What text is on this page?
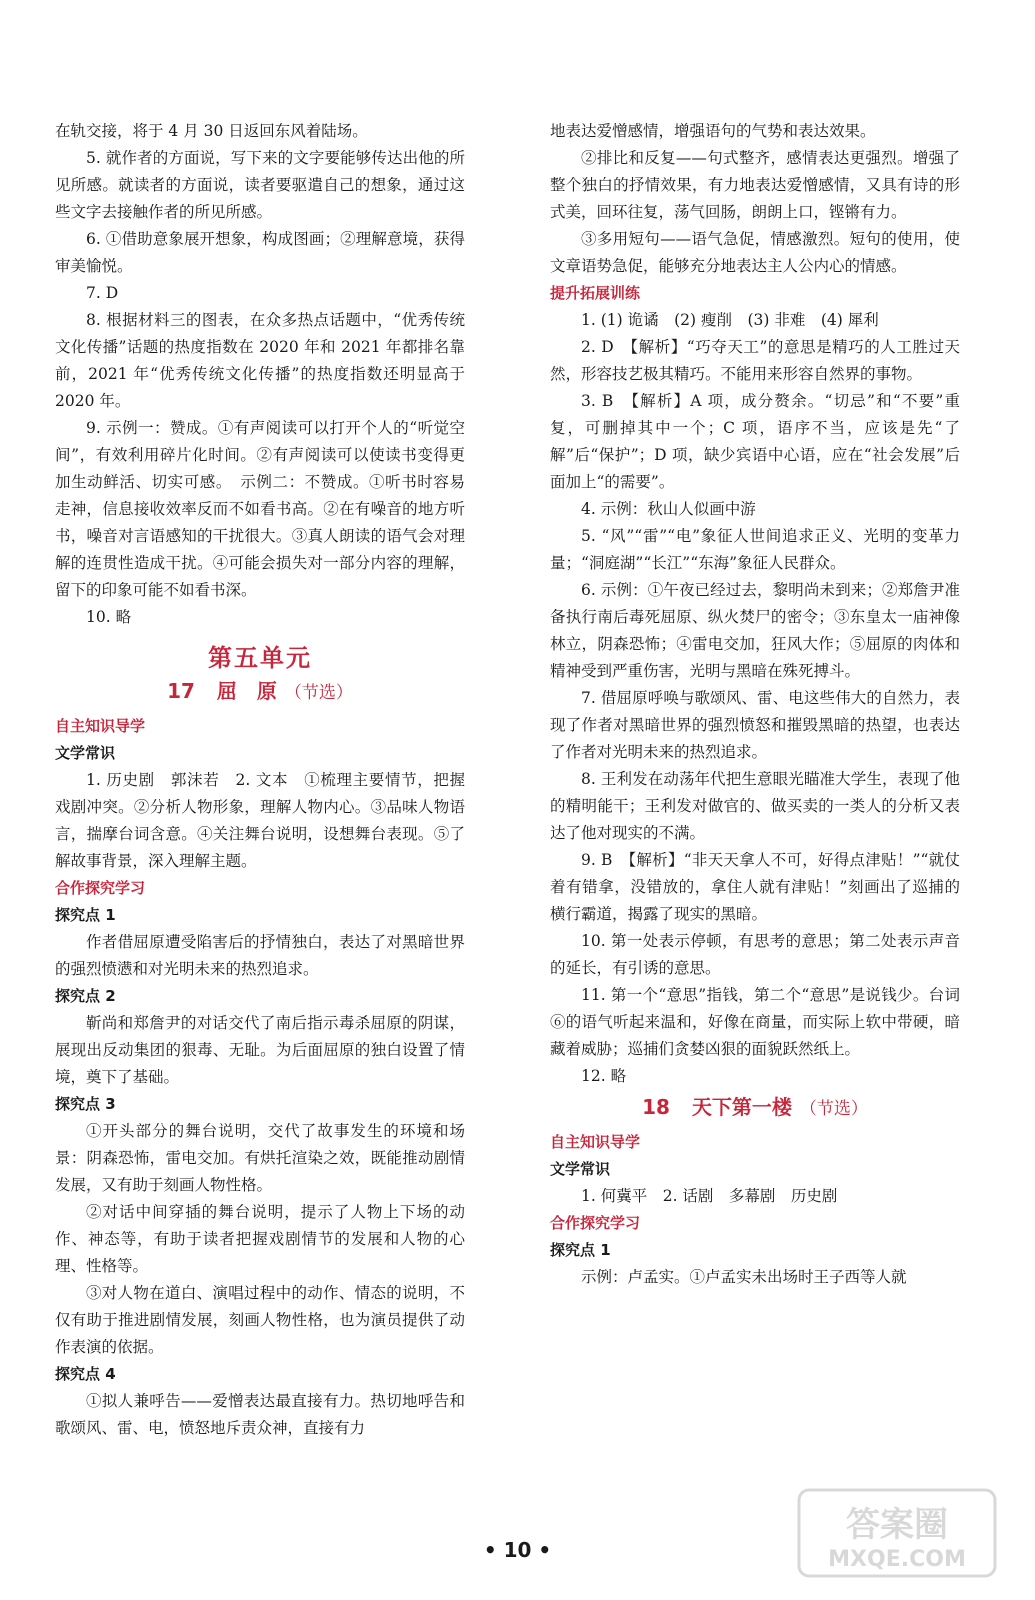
在轨交接，将于 4 月 30 日返回东风着陆场。

5. 就作者的方面说，写下来的文字要能够传达出他的所见所感。就读者的方面说，读者要驱遣自己的想象，通过这些文字去接触作者的所见所感。

6. ①借助意象展开想象，构成图画；②理解意境，获得审美愉悦。

7. D

8. 根据材料三的图表，在众多热点话题中，“优秀传统文化传播”话题的热度指数在 2020 年和 2021 年都排名靠前，2021 年“优秀传统文化传播”的热度指数还明显高于 2020 年。

9. 示例一：赞成。①有声阅读可以打开个人的“听觉空间”，有效利用碎片化时间。②有声阅读可以使读书变得更加生动鲜活、切实可感。　示例二：不赞成。①听书时容易走神，信息接收效率反而不如看书高。②在有噪音的地方听书，噪音对言语感知的干扰很大。③真人朗读的语气会对理解的连贯性造成干扰。④可能会损失对一部分内容的理解，留下的印象可能不如看书深。

10. 略

第五单元
17 屈　原 （节选）

自主知识导学

文学常识

1. 历史剧　郭沫若　2. 文本　①梳理主要情节，把握戏剧冲突。②分析人物形象，理解人物内心。③品味人物语言，揣摩台词含意。④关注舞台说明，设想舞台表现。⑤了解故事背景，深入理解主题。

合作探究学习

探究点 1

作者借屈原遭受陷害后的抒情独白，表达了对黑暗世界的强烈愤懑和对光明未来的热烈追求。

探究点 2

靳尚和郑詹尹的对话交代了南后指示毒杀屈原的阴谋，展现出反动集团的狠毒、无耻。为后面屈原的独白设置了情境，奠下了基础。

探究点 3

①开头部分的舞台说明，交代了故事发生的环境和场景：阴森恐怖，雷电交加。有烘托渲染之效，既能推动剧情发展，又有助于刻画人物性格。

②对话中间穿插的舞台说明，提示了人物上下场的动作、神态等，有助于读者把握戏剧情节的发展和人物的心理、性格等。

③对人物在道白、演唱过程中的动作、情态的说明，不仅有助于推进剧情发展，刻画人物性格，也为演员提供了动作表演的依据。

探究点 4

①拟人兼呼告——爱憎表达最直接有力。热切地呼告和歌颂风、雷、电，愤怒地斥责众神，直接有力

地表达爱憎感情，增强语句的气势和表达效果。

②排比和反复——句式整齐，感情表达更强烈。增强了整个独白的抒情效果，有力地表达爱憎感情，又具有诗的形式美，回环往复，荡气回肠，朗朗上口，铿锵有力。

③多用短句——语气急促，情感激烈。短句的使用，使文章语势急促，能够充分地表达主人公内心的情感。

提升拓展训练

1. (1) 诡谲　(2) 瘦削　(3) 非难　(4) 犀利

2. D　【解析】“巧夺天工”的意思是精巧的人工胜过天然，形容技艺极其精巧。不能用来形容自然界的事物。

3. B　【解析】A 项，成分赘余。“切忌”和“不要”重复，可删掉其中一个；C 项，语序不当，应该是先“了解”后“保护”；D 项，缺少宾语中心语，应在“社会发展”后面加上“的需要”。

4. 示例：秋山人似画中游

5. “风”“雷”“电”象征人世间追求正义、光明的变革力量；“洞庭湖”“长江”“东海”象征人民群众。

6. 示例：①午夜已经过去，黎明尚未到来；②郑詹尹准备执行南后毒死屈原、纵火焚尸的密令；③东皇太一庙神像林立，阴森恐怖；④雷电交加，狂风大作；⑤屈原的肉体和精神受到严重伤害，光明与黑暗在殊死搏斗。

7. 借屈原呼唤与歌颂风、雷、电这些伟大的自然力，表现了作者对黑暗世界的强烈愤怒和摧毁黑暗的热望，也表达了作者对光明未来的热烈追求。

8. 王利发在动荡年代把生意眼光瞄准大学生，表现了他的精明能干；王利发对做官的、做买卖的一类人的分析又表达了他对现实的不满。

9. B　【解析】“非天天拿人不可，好得点津贴！”“就仗着有错拿，没错放的，拿住人就有津贴！”刻画出了巡捕的横行霸道，揭露了现实的黑暗。

10. 第一处表示停顿，有思考的意思；第二处表示声音的延长，有引诱的意思。

11. 第一个“意思”指钱，第二个“意思”是说钱少。台词⑥的语气听起来温和，好像在商量，而实际上软中带硬，暗藏着威胁；巡捕们贪婪凶狠的面貌跃然纸上。

12. 略

18 天下第一楼 （节选）

自主知识导学

文学常识

1. 何冀平　2. 话剧　多幕剧　历史剧

合作探究学习

探究点 1

示例：卢孟实。①卢孟实未出场时王子西等人就

• 10 •
答案圈
MXQE.COM
